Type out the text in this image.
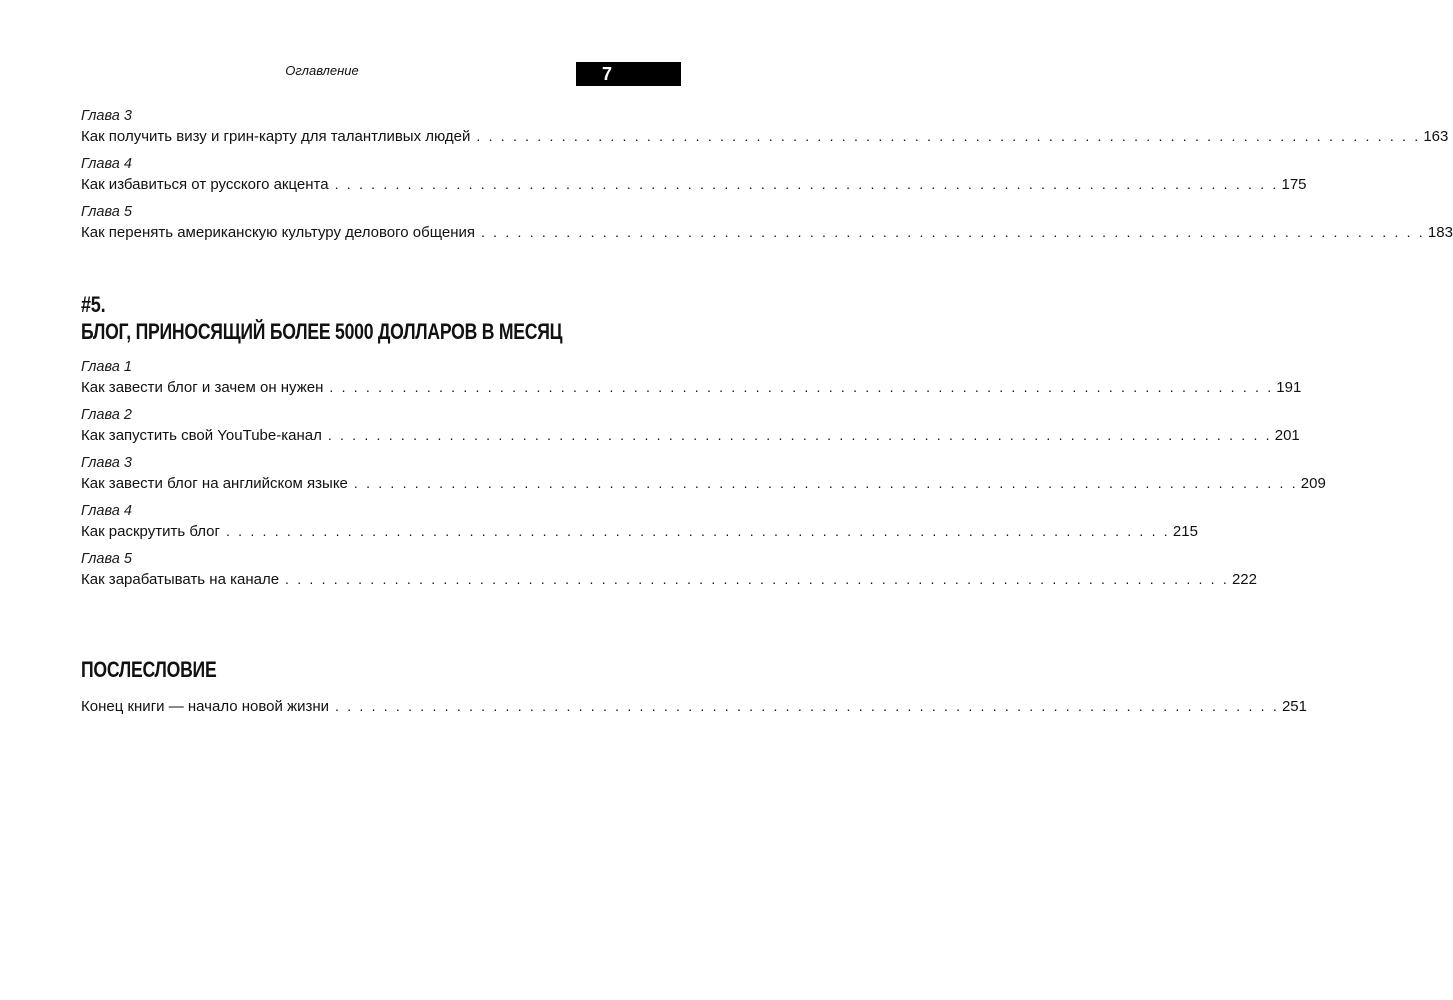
Оглавление	7
Глава 3
Как получить визу и грин-карту для талантливых людей . . . . . . . . . . . . . . . . . . . . . . . . . . . . . . . . . . . . . . . . . . . . . . . . . . . . . . . . . . . . . . . . . . . . . . . . . . . . . . 163
Глава 4
Как избавиться от русского акцента . . . . . . . . . . . . . . . . . . . . . . . . . . . . . . . . . . . . . . . . . . . . . . . . . . . . . . . . . . . . . . . . . . . . . . . . . . . . . . 175
Глава 5
Как перенять американскую культуру делового общения . . . . . . . . . . . . . . . . . . . . . . . . . . . . . . . . . . . . . . . . . . . . . . . . . . . . . . . . . . . . . . . . . . . . . . . . . . . . . . 183
#5.
БЛОГ, ПРИНОСЯЩИЙ БОЛЕЕ 5000 ДОЛЛАРОВ В МЕСЯЦ
Глава 1
Как завести блог и зачем он нужен . . . . . . . . . . . . . . . . . . . . . . . . . . . . . . . . . . . . . . . . . . . . . . . . . . . . . . . . . . . . . . . . . . . . . . . . . . . . . . 191
Глава 2
Как запустить свой YouTube-канал . . . . . . . . . . . . . . . . . . . . . . . . . . . . . . . . . . . . . . . . . . . . . . . . . . . . . . . . . . . . . . . . . . . . . . . . . . . . . . 201
Глава 3
Как завести блог на английском языке . . . . . . . . . . . . . . . . . . . . . . . . . . . . . . . . . . . . . . . . . . . . . . . . . . . . . . . . . . . . . . . . . . . . . . . . . . . . . . 209
Глава 4
Как раскрутить блог . . . . . . . . . . . . . . . . . . . . . . . . . . . . . . . . . . . . . . . . . . . . . . . . . . . . . . . . . . . . . . . . . . . . . . . . . . . . . . 215
Глава 5
Как зарабатывать на канале . . . . . . . . . . . . . . . . . . . . . . . . . . . . . . . . . . . . . . . . . . . . . . . . . . . . . . . . . . . . . . . . . . . . . . . . . . . . . . 222
ПОСЛЕСЛОВИЕ
Конец книги — начало новой жизни . . . . . . . . . . . . . . . . . . . . . . . . . . . . . . . . . . . . . . . . . . . . . . . . . . . . . . . . . . . . . . . . . . . . . . . . . . . . . . 251
